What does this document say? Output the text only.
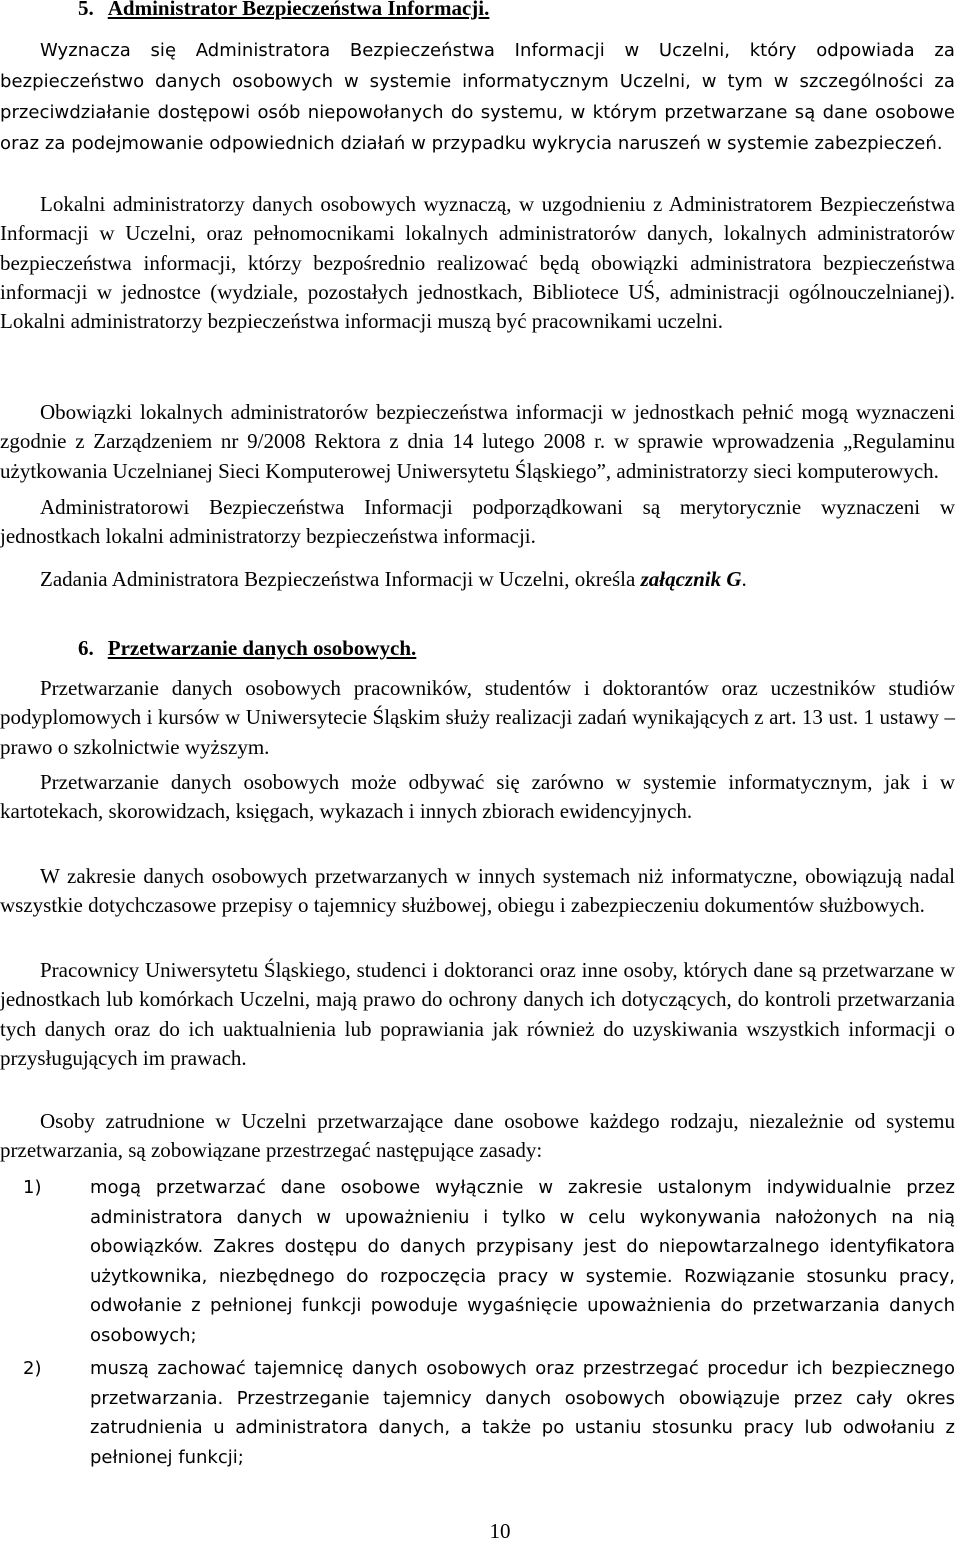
5. Administrator Bezpieczeństwa Informacji.

Wyznacza się Administratora Bezpieczeństwa Informacji w Uczelni, który odpowiada za bezpieczeństwo danych osobowych w systemie informatycznym Uczelni, w tym w szczególności za przeciwdziałanie dostępowi osób niepowołanych do systemu, w którym przetwarzane są dane osobowe oraz za podejmowanie odpowiednich działań w przypadku wykrycia naruszeń w systemie zabezpieczeń.

Lokalni administratorzy danych osobowych wyznaczą, w uzgodnieniu z Administratorem Bezpieczeństwa Informacji w Uczelni, oraz pełnomocnikami lokalnych administratorów danych, lokalnych administratorów bezpieczeństwa informacji, którzy bezpośrednio realizować będą obowiązki administratora bezpieczeństwa informacji w jednostce (wydziale, pozostałych jednostkach, Bibliotece UŚ, administracji ogólnouczelnianej). Lokalni administratorzy bezpieczeństwa informacji muszą być pracownikami uczelni.

Obowiązki lokalnych administratorów bezpieczeństwa informacji w jednostkach pełnić mogą wyznaczeni zgodnie z Zarządzeniem nr 9/2008 Rektora z dnia 14 lutego 2008 r. w sprawie wprowadzenia „Regulaminu użytkowania Uczelnianej Sieci Komputerowej Uniwersytetu Śląskiego”, administratorzy sieci komputerowych.

Administratorowi Bezpieczeństwa Informacji podporządkowani są merytorycznie wyznaczeni w jednostkach lokalni administratorzy bezpieczeństwa informacji.

Zadania Administratora Bezpieczeństwa Informacji w Uczelni, określa załącznik G.

6. Przetwarzanie danych osobowych.

Przetwarzanie danych osobowych pracowników, studentów i doktorantów oraz uczestników studiów podyplomowych i kursów w Uniwersytecie Śląskim służy realizacji zadań wynikających z art. 13 ust. 1 ustawy – prawo o szkolnictwie wyższym.

Przetwarzanie danych osobowych może odbywać się zarówno w systemie informatycznym, jak i w kartotekach, skorowidzach, księgach, wykazach i innych zbiorach ewidencyjnych.

W zakresie danych osobowych przetwarzanych w innych systemach niż informatyczne, obowiązują nadal wszystkie dotychczasowe przepisy o tajemnicy służbowej, obiegu i zabezpieczeniu dokumentów służbowych.

Pracownicy Uniwersytetu Śląskiego, studenci i doktoranci oraz inne osoby, których dane są przetwarzane w jednostkach lub komórkach Uczelni, mają prawo do ochrony danych ich dotyczących, do kontroli przetwarzania tych danych oraz do ich uaktualnienia lub poprawiania jak również do uzyskiwania wszystkich informacji o przysługujących im prawach.

Osoby zatrudnione w Uczelni przetwarzające dane osobowe każdego rodzaju, niezależnie od systemu przetwarzania, są zobowiązane przestrzegać następujące zasady:

1)	mogą przetwarzać dane osobowe wyłącznie w zakresie ustalonym indywidualnie przez administratora danych w upoważnieniu i tylko w celu wykonywania nałożonych na nią obowiązków. Zakres dostępu do danych przypisany jest do niepowtarzalnego identyfikatora użytkownika, niezbędnego do rozpoczęcia pracy w systemie. Rozwiązanie stosunku pracy, odwołanie z pełnionej funkcji powoduje wygaśnięcie upoważnienia do przetwarzania danych osobowych;
2)	muszą zachować tajemnicę danych osobowych oraz przestrzegać procedur ich bezpiecznego przetwarzania. Przestrzeganie tajemnicy danych osobowych obowiązuje przez cały okres zatrudnienia u administratora danych, a także po ustaniu stosunku pracy lub odwołaniu z pełnionej funkcji;
10
